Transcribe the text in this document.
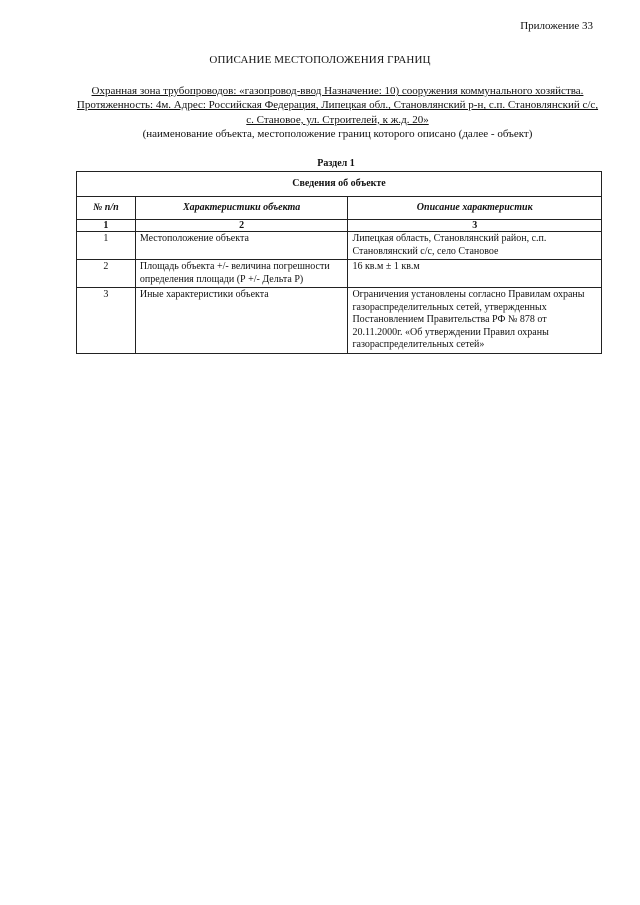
Приложение 33
ОПИСАНИЕ МЕСТОПОЛОЖЕНИЯ ГРАНИЦ
Охранная зона трубопроводов: «газопровод-ввод Назначение: 10) сооружения коммунального хозяйства. Протяженность: 4м. Адрес: Российская Федерация, Липецкая обл., Становлянский р-н, с.п. Становлянский с/с, с. Становое, ул. Строителей, к ж.д. 20»
(наименование объекта, местоположение границ которого описано (далее - объект)
Раздел 1
Сведения об объекте		
№ п/п	Характеристики объекта	Описание характеристик
1	2	3
1	Местоположение объекта	Липецкая область, Становлянский район, с.п. Становлянский с/с, село Становое
2	Площадь объекта +/- величина погрешности определения площади (Р +/- Дельта Р)	16 кв.м ± 1 кв.м
3	Иные характеристики объекта	Ограничения установлены согласно Правилам охраны газораспределительных сетей, утвержденных Постановлением Правительства РФ № 878 от 20.11.2000г. «Об утверждении Правил охраны газораспределительных сетей»
